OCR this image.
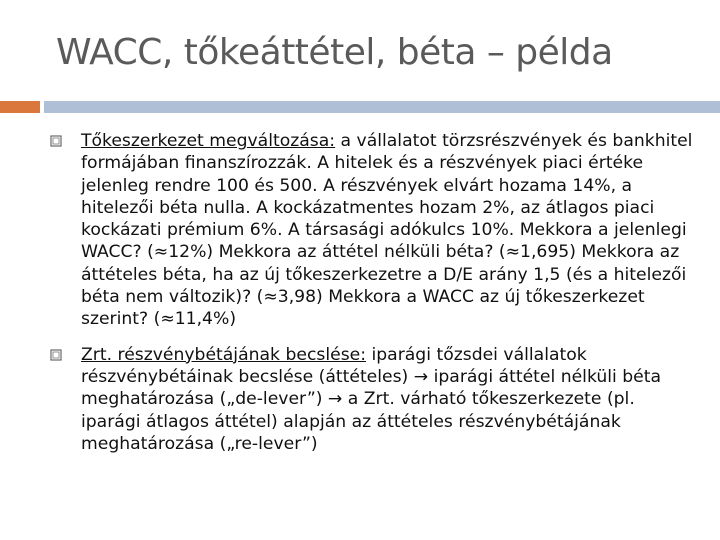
WACC, tőkeáttétel, béta – példa
Tőkeszerkezet megváltozása: a vállalatot törzsrészvények és bankhitel formájában finanszírozzák. A hitelek és a részvények piaci értéke jelenleg rendre 100 és 500. A részvények elvárt hozama 14%, a hitelezői béta nulla. A kockázatmentes hozam 2%, az átlagos piaci kockázati prémium 6%. A társasági adókulcs 10%. Mekkora a jelenlegi WACC? (≈12%) Mekkora az áttétel nélküli béta? (≈1,695) Mekkora az áttételes béta, ha az új tőkeszerkezetre a D/E arány 1,5 (és a hitelezői béta nem változik)? (≈3,98) Mekkora a WACC az új tőkeszerkezet szerint? (≈11,4%)
Zrt. részvénybétájának becslése: iparági tőzsdei vállalatok részvénybétáinak becslése (áttételes) → iparági áttétel nélküli béta meghatározása („de-lever”) → a Zrt. várható tőkeszerkezete (pl. iparági átlagos áttétel) alapján az áttételes részvénybétájának meghatározása („re-lever”)
